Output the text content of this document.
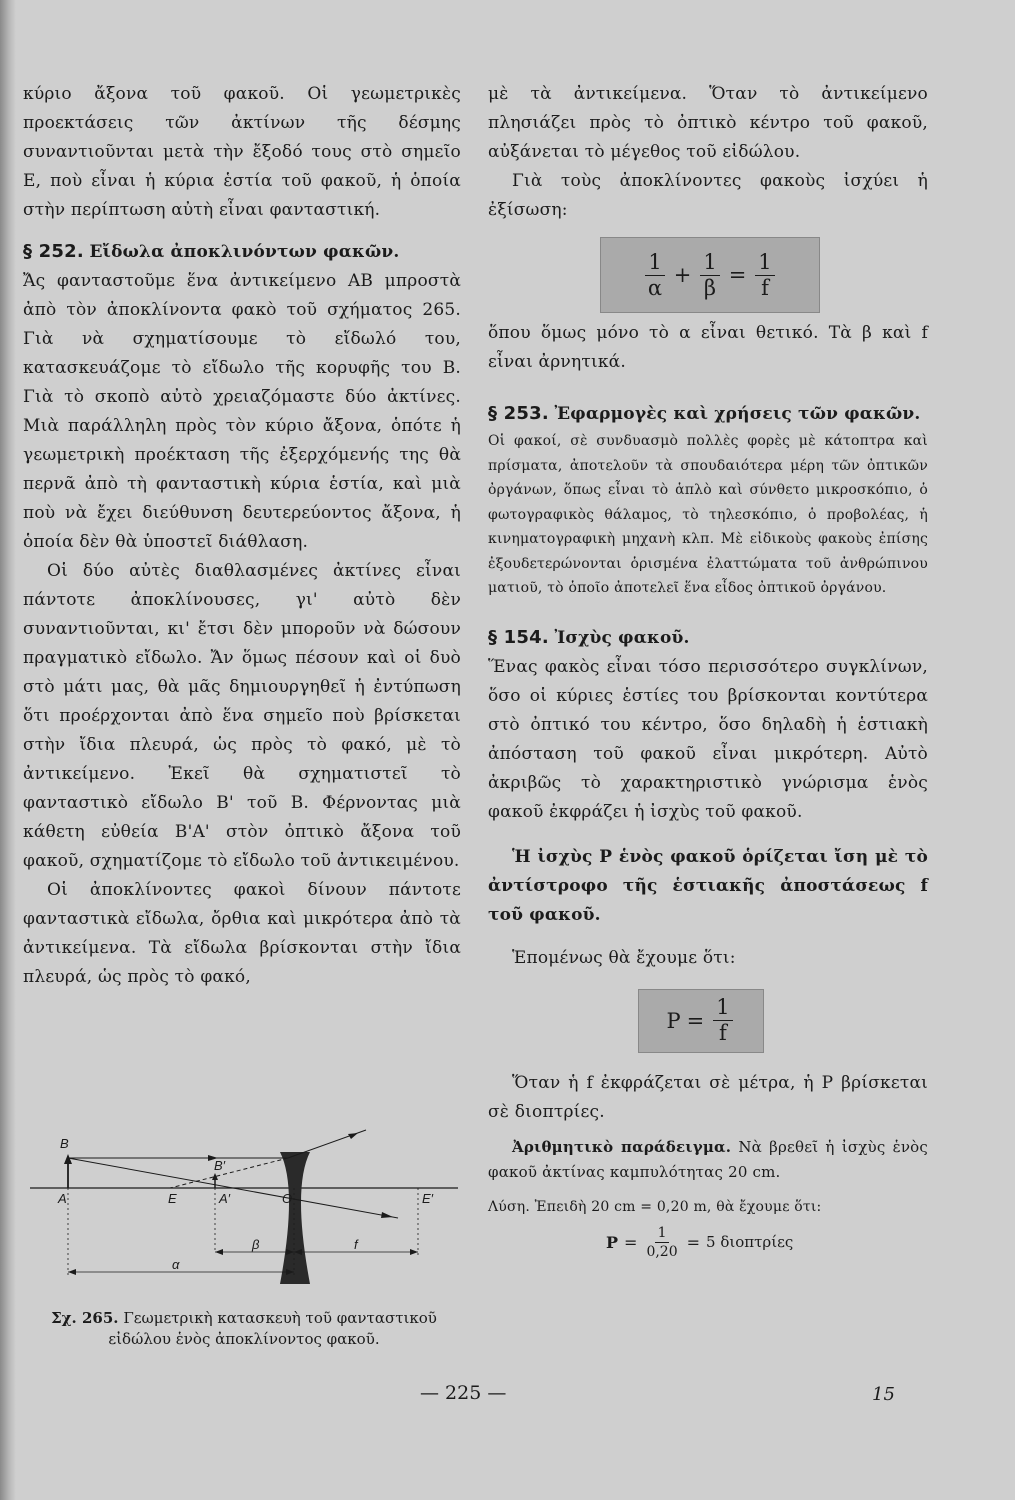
κύριο ἄξονα τοῦ φακοῦ. Οἱ γεωμετρικὲς προεκτάσεις τῶν ἀκτίνων τῆς δέσμης συναντιοῦνται μετὰ τὴν ἔξοδό τους στὸ σημεῖο Ε, ποὺ εἶναι ἡ κύρια ἑστία τοῦ φακοῦ, ἡ ὁποία στὴν περίπτωση αὐτὴ εἶναι φανταστική.

§ 252. Εἴδωλα ἀποκλινόντων φακῶν.

Ἄς φανταστοῦμε ἕνα ἀντικείμενο ΑΒ μπροστὰ ἀπὸ τὸν ἀποκλίνοντα φακὸ τοῦ σχήματος 265. Γιὰ νὰ σχηματίσουμε τὸ εἴδωλό του, κατασκευάζομε τὸ εἴδωλο τῆς κορυφῆς του Β. Γιὰ τὸ σκοπὸ αὐτὸ χρειαζόμαστε δύο ἀκτίνες. Μιὰ παράλληλη πρὸς τὸν κύριο ἄξονα, ὁπότε ἡ γεωμετρικὴ προέκταση τῆς ἐξερχόμενής της θὰ περνᾶ ἀπὸ τὴ φανταστικὴ κύρια ἑστία, καὶ μιὰ ποὺ νὰ ἔχει διεύθυνση δευτερεύοντος ἄξονα, ἡ ὁποία δὲν θὰ ὑποστεῖ διάθλαση.

Οἱ δύο αὐτὲς διαθλασμένες ἀκτίνες εἶναι πάντοτε ἀποκλίνουσες, γι' αὐτὸ δὲν συναντιοῦνται, κι' ἔτσι δὲν μποροῦν νὰ δώσουν πραγματικὸ εἴδωλο. Ἄν ὅμως πέσουν καὶ οἱ δυὸ στὸ μάτι μας, θὰ μᾶς δημιουργηθεῖ ἡ ἐντύπωση ὅτι προέρχονται ἀπὸ ἕνα σημεῖο ποὺ βρίσκεται στὴν ἴδια πλευρά, ὡς πρὸς τὸ φακό, μὲ τὸ ἀντικείμενο. Ἐκεῖ θὰ σχηματιστεῖ τὸ φανταστικὸ εἴδωλο Β' τοῦ Β. Φέρνοντας μιὰ κάθετη εὐθεία Β'Α' στὸν ὀπτικὸ ἄξονα τοῦ φακοῦ, σχηματίζομε τὸ εἴδωλο τοῦ ἀντικειμένου.

Οἱ ἀποκλίνοντες φακοὶ δίνουν πάντοτε φανταστικὰ εἴδωλα, ὄρθια καὶ μικρότερα ἀπὸ τὰ ἀντικείμενα. Τὰ εἴδωλα βρίσκονται στὴν ἴδια πλευρά, ὡς πρὸς τὸ φακό,

B
B′
A	E	A′	O	E′
β	f
α
Σχ. 265. Γεωμετρικὴ κατασκευὴ τοῦ φανταστικοῦ εἰδώλου ἑνὸς ἀποκλίνοντος φακοῦ.

μὲ τὰ ἀντικείμενα. Ὅταν τὸ ἀντικείμενο πλησιάζει πρὸς τὸ ὀπτικὸ κέντρο τοῦ φακοῦ, αὐξάνεται τὸ μέγεθος τοῦ εἰδώλου.

Γιὰ τοὺς ἀποκλίνοντες φακοὺς ἰσχύει ἡ ἐξίσωση:

$\frac{1}{\alpha} + \frac{1}{\beta} = \frac{1}{f}$

ὅπου ὅμως μόνο τὸ α εἶναι θετικό. Τὰ β καὶ f εἶναι ἀρνητικά.

§ 253. Ἐφαρμογὲς καὶ χρήσεις τῶν φακῶν.

Οἱ φακοί, σὲ συνδυασμὸ πολλὲς φορὲς μὲ κάτοπτρα καὶ πρίσματα, ἀποτελοῦν τὰ σπουδαιότερα μέρη τῶν ὀπτικῶν ὀργάνων, ὅπως εἶναι τὸ ἁπλὸ καὶ σύνθετο μικροσκόπιο, ὁ φωτογραφικὸς θάλαμος, τὸ τηλεσκόπιο, ὁ προβολέας, ἡ κινηματογραφικὴ μηχανὴ κλπ. Μὲ εἰδικοὺς φακοὺς ἐπίσης ἐξουδετερώνονται ὁρισμένα ἐλαττώματα τοῦ ἀνθρώπινου ματιοῦ, τὸ ὁποῖο ἀποτελεῖ ἕνα εἶδος ὀπτικοῦ ὀργάνου.

§ 154. Ἰσχὺς φακοῦ.

Ἕνας φακὸς εἶναι τόσο περισσότερο συγκλίνων, ὅσο οἱ κύριες ἑστίες του βρίσκονται κοντύτερα στὸ ὀπτικό του κέντρο, ὅσο δηλαδὴ ἡ ἑστιακὴ ἀπόσταση τοῦ φακοῦ εἶναι μικρότερη. Αὐτὸ ἀκριβῶς τὸ χαρακτηριστικὸ γνώρισμα ἑνὸς φακοῦ ἐκφράζει ἡ ἰσχὺς τοῦ φακοῦ.

Ἡ ἰσχὺς Ρ ἑνὸς φακοῦ ὁρίζεται ἴση μὲ τὸ ἀντίστροφο τῆς ἑστιακῆς ἀποστάσεως f τοῦ φακοῦ.

Ἑπομένως θὰ ἔχουμε ὅτι:

$P = \frac{1}{f}$

Ὅταν ἡ f ἐκφράζεται σὲ μέτρα, ἡ Ρ βρίσκεται σὲ διοπτρίες.

Ἀριθμητικὸ παράδειγμα. Νὰ βρεθεῖ ἡ ἰσχὺς ἑνὸς φακοῦ ἀκτίνας καμπυλότητας 20 cm.

Λύση. Ἐπειδὴ 20 cm = 0,20 m, θὰ ἔχουμε ὅτι:

$P = \frac{1}{0,20} = 5$ διοπτρίες
— 225 —	15
